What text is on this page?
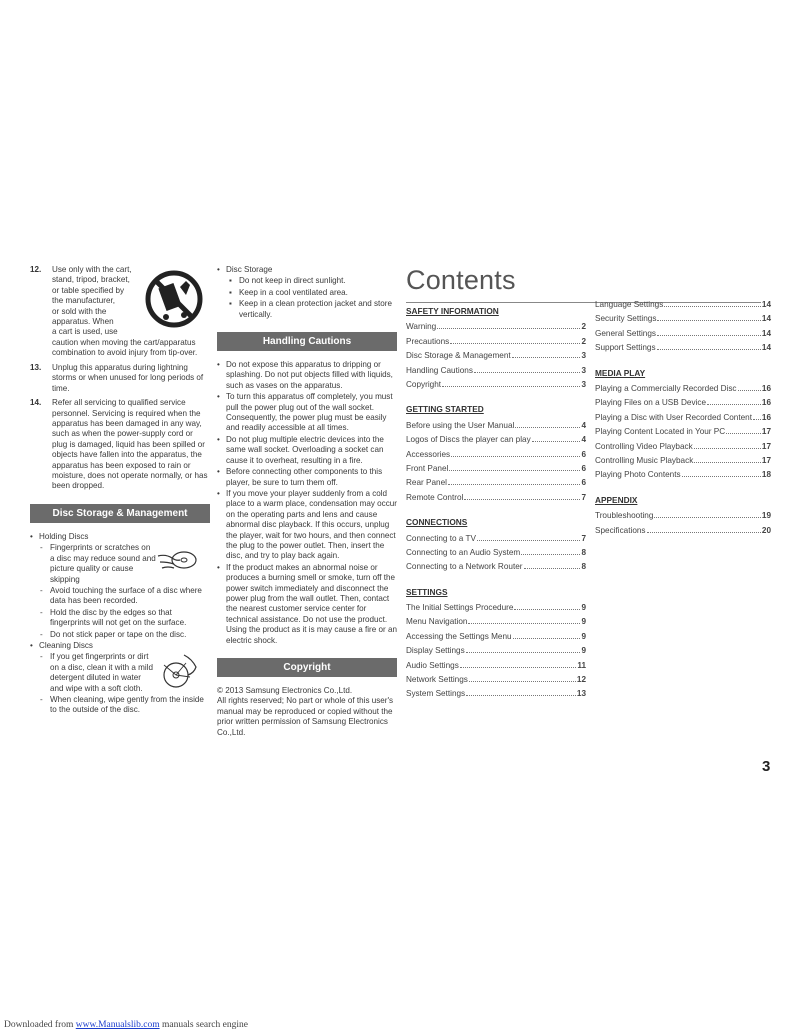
12. Use only with the cart,
stand, tripod, bracket,
or table specified by
the manufacturer,
or sold with the
apparatus. When
a cart is used, use
caution when moving the cart/apparatus combination to avoid injury from tip-over.
13. Unplug this apparatus during lightning storms or when unused for long periods of time.
14. Refer all servicing to qualified service personnel. Servicing is required when the apparatus has been damaged in any way, such as when the power-supply cord or plug is damaged, liquid has been spilled or objects have fallen into the apparatus, the apparatus has been exposed to rain or moisture, does not operate normally, or has been dropped.
Disc Storage & Management
• Holding Discs
- Fingerprints or scratches on a disc may reduce sound and picture quality or cause skipping
- Avoid touching the surface of a disc where data has been recorded.
- Hold the disc by the edges so that fingerprints will not get on the surface.
- Do not stick paper or tape on the disc.
• Cleaning Discs
- If you get fingerprints or dirt on a disc, clean it with a mild detergent diluted in water and wipe with a soft cloth.
- When cleaning, wipe gently from the inside to the outside of the disc.
• Disc Storage
▪ Do not keep in direct sunlight.
▪ Keep in a cool ventilated area.
▪ Keep in a clean protection jacket and store vertically.
Handling Cautions
• Do not expose this apparatus to dripping or splashing. Do not put objects filled with liquids, such as vases on the apparatus.
• To turn this apparatus off completely, you must pull the power plug out of the wall socket. Consequently, the power plug must be easily and readily accessible at all times.
• Do not plug multiple electric devices into the same wall socket. Overloading a socket can cause it to overheat, resulting in a fire.
• Before connecting other components to this player, be sure to turn them off.
• If you move your player suddenly from a cold place to a warm place, condensation may occur on the operating parts and lens and cause abnormal disc playback. If this occurs, unplug the player, wait for two hours, and then connect the plug to the power outlet. Then, insert the disc, and try to play back again.
• If the product makes an abnormal noise or produces a burning smell or smoke, turn off the power switch immediately and disconnect the power plug from the wall outlet. Then, contact the nearest customer service center for technical assistance. Do not use the product. Using the product as it is may cause a fire or an electric shock.
Copyright
© 2013 Samsung Electronics Co.,Ltd.
All rights reserved; No part or whole of this user's manual may be reproduced or copied without the prior written permission of Samsung Electronics Co.,Ltd.
Contents
SAFETY INFORMATION
Warning	2
Precautions	2
Disc Storage & Management	3
Handling Cautions	3
Copyright	3
GETTING STARTED
Before using the User Manual	4
Logos of Discs the player can play	4
Accessories	6
Front Panel	6
Rear Panel	6
Remote Control	7
CONNECTIONS
Connecting to a TV	7
Connecting to an Audio System	8
Connecting to a Network Router	8
SETTINGS
The Initial Settings Procedure	9
Menu Navigation	9
Accessing the Settings Menu	9
Display Settings	9
Audio Settings	11
Network Settings	12
System Settings	13
Language Settings	14
Security Settings	14
General Settings	14
Support Settings	14
MEDIA PLAY
Playing a Commercially Recorded Disc	16
Playing Files on a USB Device	16
Playing a Disc with User Recorded Content 16
Playing Content Located in Your PC	17
Controlling Video Playback	17
Controlling Music Playback	17
Playing Photo Contents	18
APPENDIX
Troubleshooting	19
Specifications	20
3
Downloaded from www.Manualslib.com manuals search engine
